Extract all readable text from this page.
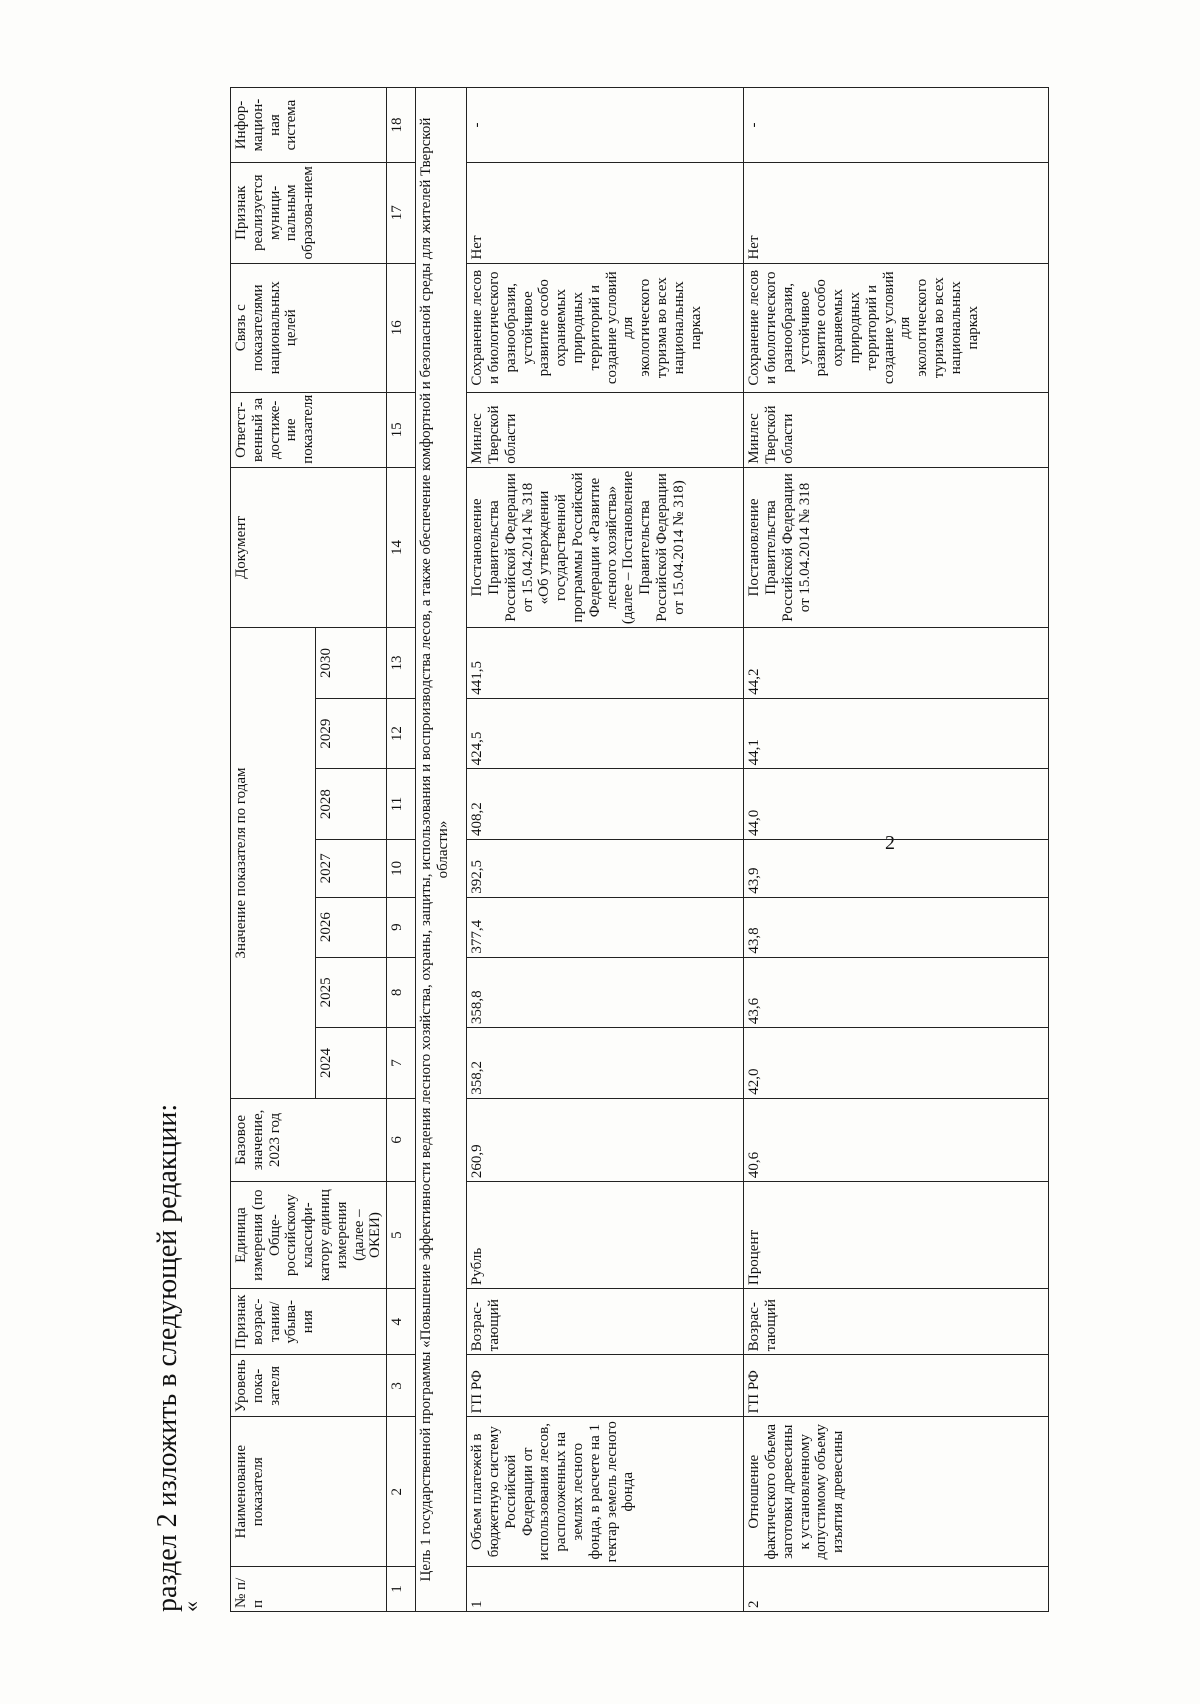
2
раздел 2 изложить в следующей редакции:
« № п/п	Наименование показателя	Уровень пока-зателя	Признак возрас-тания/ убыва-ния	Единица измерения (по Обще-российскому классифи-катору единиц измерения (далее – ОКЕИ)	Базовое значение, 2023 год	Значение показателя по годам							Документ	Ответст-венный за достиже-ние показателя	Связь с показателями национальных целей	Признак реализуется муници-пальным образова-нием	Инфор-мацион-ная система
						2024	2025	2026	2027	2028	2029	2030					
1	2	3	4	5	6	7	8	9	10	11	12	13	14	15	16	17	18
Цель 1 государственной программы «Повышение эффективности ведения лесного хозяйства, охраны, защиты, использования и воспроизводства лесов, а также обеспечение комфортной и безопасной среды для жителей Тверской области»																	
1	Объем платежей в бюджетную систему Российской Федерации от использования лесов, расположенных на землях лесного фонда, в расчете на 1 гектар земель лесного фонда	ГП РФ	Возрас-тающий	Рубль	260,9	358,2	358,8	377,4	392,5	408,2	424,5	441,5	Постановление Правительства Российской Федерации от 15.04.2014 № 318 «Об утверждении государственной программы Российской Федерации «Развитие лесного хозяйства» (далее – Постановление Правительства Российской Федерации от 15.04.2014 № 318)	Минлес Тверской области	Сохранение лесов и биологического разнообразия, устойчивое развитие особо охраняемых природных территорий и создание условий для экологического туризма во всех национальных парках	Нет	-
2	Отношение фактического объема заготовки древесины к установленному допустимому объему изъятия древесины	ГП РФ	Возрас-тающий	Процент	40,6	42,0	43,6	43,8	43,9	44,0	44,1	44,2	Постановление Правительства Российской Федерации от 15.04.2014 № 318	Минлес Тверской области	Сохранение лесов и биологического разнообразия, устойчивое развитие особо охраняемых природных территорий и создание условий для экологического туризма во всех национальных парках	Нет	-
